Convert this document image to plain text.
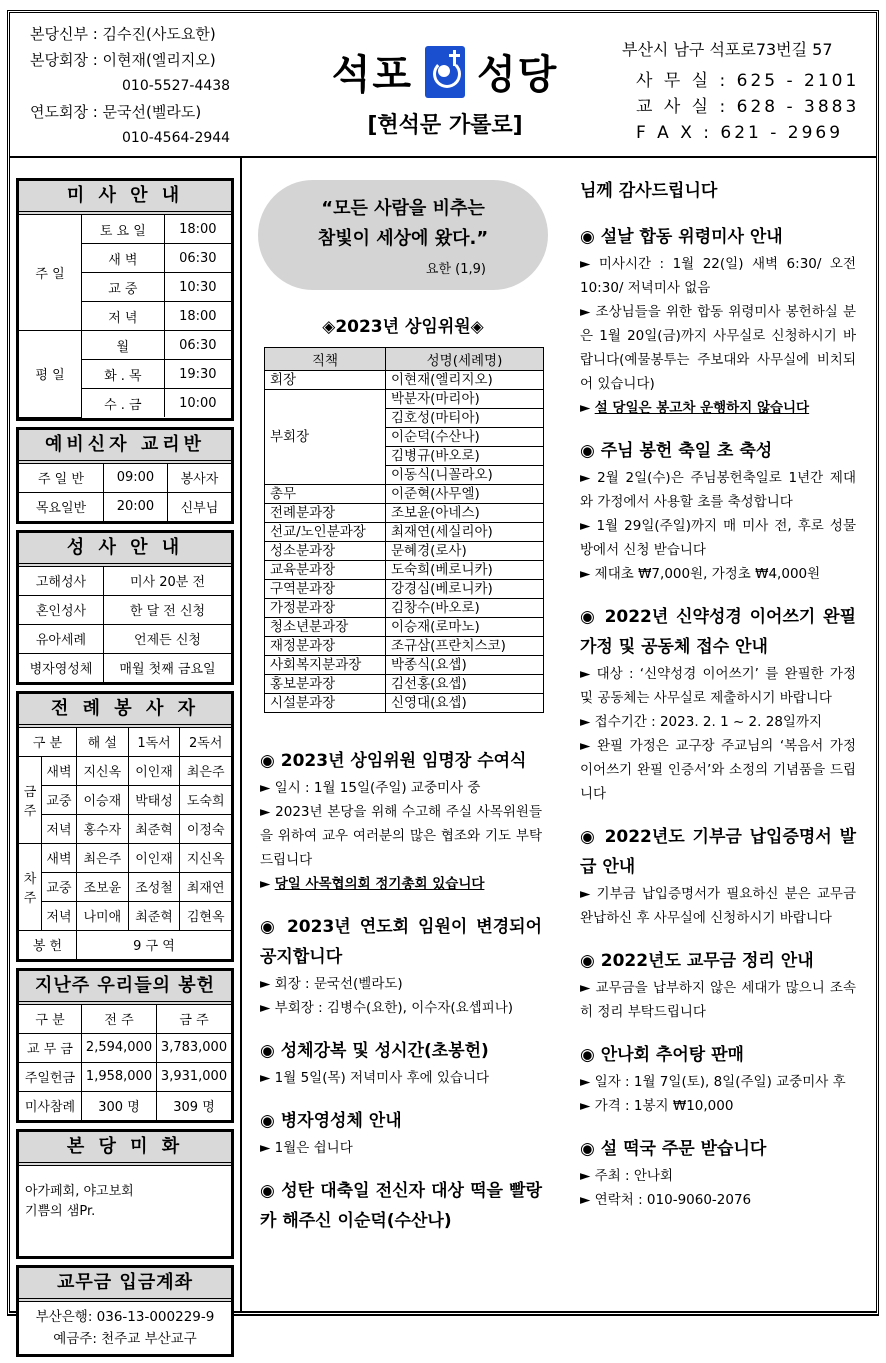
본당신부 : 김수진(사도요한)
본당회장 : 이현재(엘리지오)
010-5527-4438
연도회장 : 문국선(벨라도)
010-4564-2944
석포 성당
[현석문 가롤로]
부산시 남구 석포로73번길 57
사 무 실 : 625 - 2101
교 사 실 : 628 - 3883
F A X : 621 - 2969
미 사 안 내
주 일	토 요 일	18:00
	새 벽	06:30
	교 중	10:30
	저 녁	18:00
평 일	월	06:30
	화 . 목	19:30
	수 . 금	10:00
예비신자 교리반
주 일 반	09:00	봉사자
목요일반	20:00	신부님
성 사 안 내
고해성사	미사 20분 전
혼인성사	한 달 전 신청
유아세례	언제든 신청
병자영성체	매월 첫째 금요일
전 례 봉 사 자
구 분		해 설	1독서	2독서
금주	새벽	지신옥	이인재	최은주
	교중	이승재	박태성	도숙희
	저녁	홍수자	최준혁	이정숙
차주	새벽	최은주	이인재	지신옥
	교중	조보윤	조성철	최재연
	저녁	나미애	최준혁	김현옥
봉 헌		9 구 역		
지난주 우리들의 봉헌
구 분	전 주	금 주
교 무 금	2,594,000	3,783,000
주일헌금	1,958,000	3,931,000
미사참례	300 명	309 명
본 당 미 화
아가페회, 야고보회
기쁨의 샘Pr.
교무금 입금계좌
부산은행: 036-13-000229-9
예금주: 천주교 부산교구
“모든 사람을 비추는
참빛이 세상에 왔다.”
요한 (1,9)
◈2023년 상임위원◈
직책	성명(세례명)
회장	이현재(엘리지오)
부회장	박분자(마리아)
	김호성(마티아)
	이순덕(수산나)
	김병규(바오로)
	이동식(니꼴라오)
총무	이준혁(사무엘)
전례분과장	조보윤(아네스)
선교/노인분과장	최재연(세실리아)
성소분과장	문혜경(로사)
교육분과장	도숙희(베로니카)
구역분과장	강경심(베로니카)
가정분과장	김창수(바오로)
청소년분과장	이승재(로마노)
재정분과장	조규삼(프란치스코)
사회복지분과장	박종식(요셉)
홍보분과장	김선홍(요셉)
시설분과장	신영대(요셉)
◉ 2023년 상임위원 임명장 수여식

► 일시 : 1월 15일(주일) 교중미사 중

► 2023년 본당을 위해 수고해 주실 사목위원들을 위하여 교우 여러분의 많은 협조와 기도 부탁 드립니다

► 당일 사목협의회 정기총회 있습니다

◉ 2023년 연도회 임원이 변경되어 공지합니다

► 회장 : 문국선(벨라도)

► 부회장 : 김병수(요한), 이수자(요셉피나)

◉ 성체강복 및 성시간(초봉헌)

► 1월 5일(목) 저녁미사 후에 있습니다

◉ 병자영성체 안내

► 1월은 쉽니다

◉ 성탄 대축일 전신자 대상 떡을 빨랑카 해주신 이순덕(수산나)
님께 감사드립니다
◉ 설날 합동 위령미사 안내

► 미사시간 : 1월 22(일) 새벽 6:30/ 오전 10:30/ 저녁미사 없음

► 조상님들을 위한 합동 위령미사 봉헌하실 분은 1월 20일(금)까지 사무실로 신청하시기 바랍니다(예물봉투는 주보대와 사무실에 비치되어 있습니다)

► 설 당일은 봉고차 운행하지 않습니다

◉ 주님 봉헌 축일 초 축성

► 2월 2일(수)은 주님봉헌축일로 1년간 제대와 가정에서 사용할 초를 축성합니다

► 1월 29일(주일)까지 매 미사 전, 후로 성물방에서 신청 받습니다

► 제대초 ₩7,000원, 가정초 ₩4,000원

◉ 2022년 신약성경 이어쓰기 완필 가정 및 공동체 접수 안내

► 대상 : ‘신약성경 이어쓰기’ 를 완필한 가정 및 공동체는 사무실로 제출하시기 바랍니다

► 접수기간 : 2023. 2. 1 ~ 2. 28일까지

► 완필 가정은 교구장 주교님의 ‘복음서 가정 이어쓰기 완필 인증서’와 소정의 기념품을 드립니다

◉ 2022년도 기부금 납입증명서 발급 안내

► 기부금 납입증명서가 필요하신 분은 교무금 완납하신 후 사무실에 신청하시기 바랍니다

◉ 2022년도 교무금 정리 안내

► 교무금을 납부하지 않은 세대가 많으니 조속히 정리 부탁드립니다

◉ 안나회 추어탕 판매

► 일자 : 1월 7일(토), 8일(주일) 교중미사 후

► 가격 : 1봉지 ₩10,000

◉ 설 떡국 주문 받습니다

► 주최 : 안나회

► 연락처 : 010-9060-2076
